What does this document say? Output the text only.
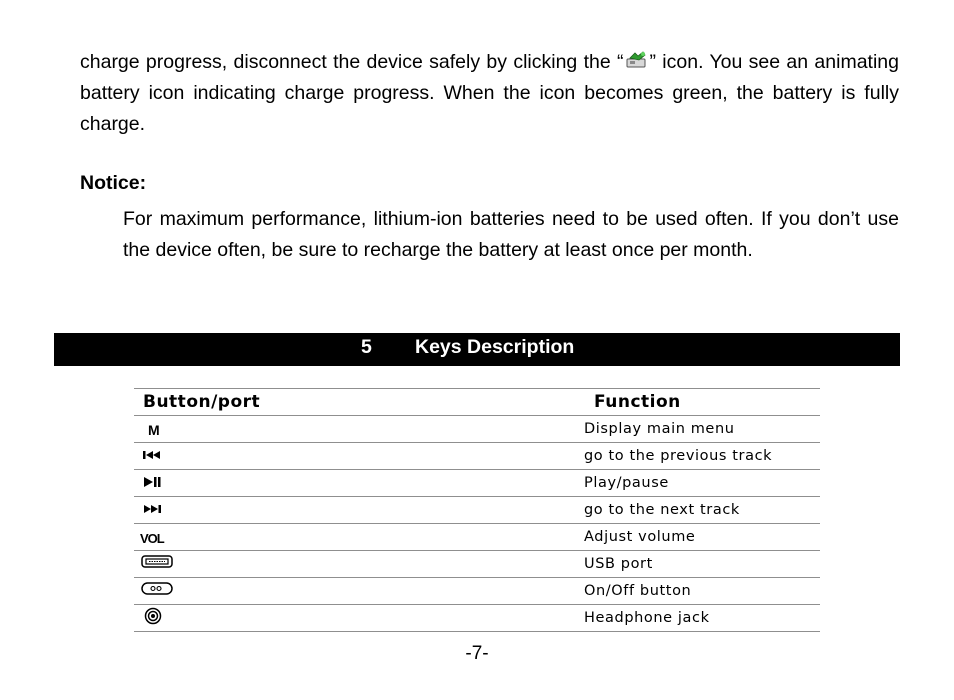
charge progress, disconnect the device safely by clicking the “ ” icon. You see an animating battery icon indicating charge progress. When the icon becomes green, the battery is fully charge.

Notice:

For maximum performance, lithium-ion batteries need to be used often. If you don’t use the device often, be sure to recharge the battery at least once per month.

5 Keys Description
Button/port	Function
M	Display main menu
	go to the previous track
	Play/pause
	go to the next track
VOL	Adjust volume
	USB port
	On/Off button
	Headphone jack
-7-
